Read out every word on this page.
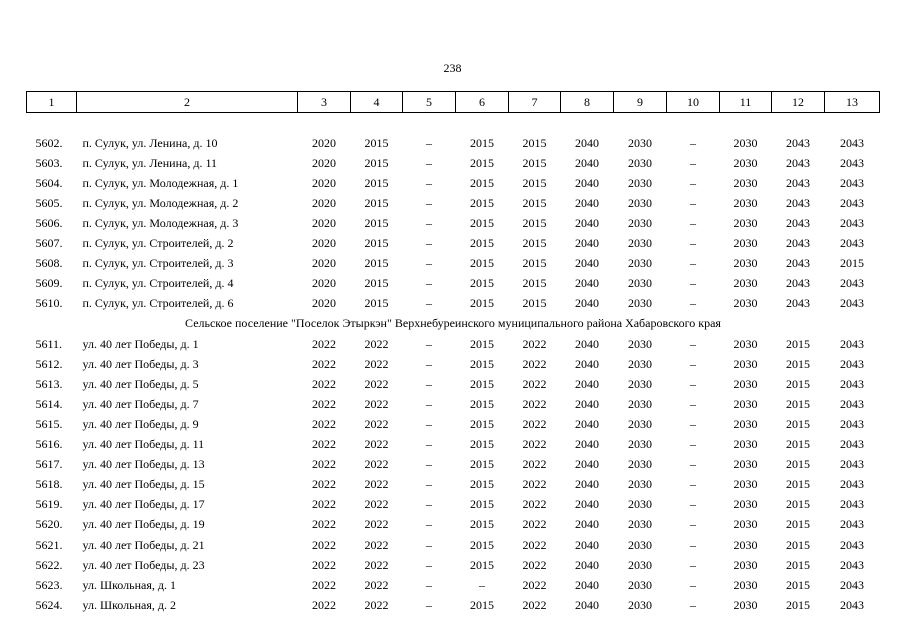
238
1	2	3	4	5	6	7	8	9	10	11	12	13

5602.	п. Сулук, ул. Ленина, д. 10	2020	2015	–	2015	2015	2040	2030	–	2030	2043	2043
5603.	п. Сулук, ул. Ленина, д. 11	2020	2015	–	2015	2015	2040	2030	–	2030	2043	2043
5604.	п. Сулук, ул. Молодежная, д. 1	2020	2015	–	2015	2015	2040	2030	–	2030	2043	2043
5605.	п. Сулук, ул. Молодежная, д. 2	2020	2015	–	2015	2015	2040	2030	–	2030	2043	2043
5606.	п. Сулук, ул. Молодежная, д. 3	2020	2015	–	2015	2015	2040	2030	–	2030	2043	2043
5607.	п. Сулук, ул. Строителей, д. 2	2020	2015	–	2015	2015	2040	2030	–	2030	2043	2043
5608.	п. Сулук, ул. Строителей, д. 3	2020	2015	–	2015	2015	2040	2030	–	2030	2043	2015
5609.	п. Сулук, ул. Строителей, д. 4	2020	2015	–	2015	2015	2040	2030	–	2030	2043	2043
5610.	п. Сулук, ул. Строителей, д. 6	2020	2015	–	2015	2015	2040	2030	–	2030	2043	2043
Сельское поселение "Поселок Этыркэн" Верхнебуреинского муниципального района Хабаровского края												
5611.	ул. 40 лет Победы, д. 1	2022	2022	–	2015	2022	2040	2030	–	2030	2015	2043
5612.	ул. 40 лет Победы, д. 3	2022	2022	–	2015	2022	2040	2030	–	2030	2015	2043
5613.	ул. 40 лет Победы, д. 5	2022	2022	–	2015	2022	2040	2030	–	2030	2015	2043
5614.	ул. 40 лет Победы, д. 7	2022	2022	–	2015	2022	2040	2030	–	2030	2015	2043
5615.	ул. 40 лет Победы, д. 9	2022	2022	–	2015	2022	2040	2030	–	2030	2015	2043
5616.	ул. 40 лет Победы, д. 11	2022	2022	–	2015	2022	2040	2030	–	2030	2015	2043
5617.	ул. 40 лет Победы, д. 13	2022	2022	–	2015	2022	2040	2030	–	2030	2015	2043
5618.	ул. 40 лет Победы, д. 15	2022	2022	–	2015	2022	2040	2030	–	2030	2015	2043
5619.	ул. 40 лет Победы, д. 17	2022	2022	–	2015	2022	2040	2030	–	2030	2015	2043
5620.	ул. 40 лет Победы, д. 19	2022	2022	–	2015	2022	2040	2030	–	2030	2015	2043
5621.	ул. 40 лет Победы, д. 21	2022	2022	–	2015	2022	2040	2030	–	2030	2015	2043
5622.	ул. 40 лет Победы, д. 23	2022	2022	–	2015	2022	2040	2030	–	2030	2015	2043
5623.	ул. Школьная, д. 1	2022	2022	–	–	2022	2040	2030	–	2030	2015	2043
5624.	ул. Школьная, д. 2	2022	2022	–	2015	2022	2040	2030	–	2030	2015	2043
